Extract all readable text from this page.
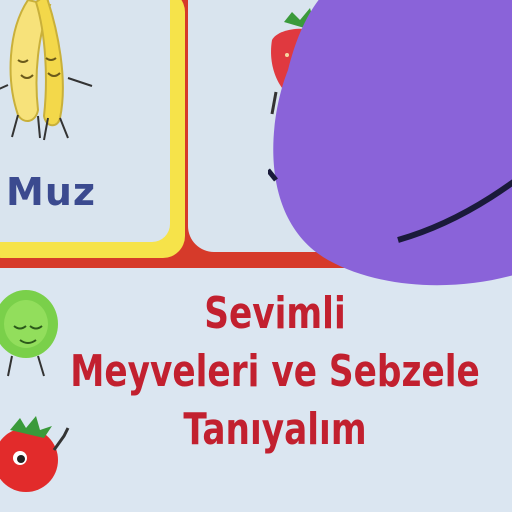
Muz
Sevimli
Meyveleri ve Sebzele
Tanıyalım
